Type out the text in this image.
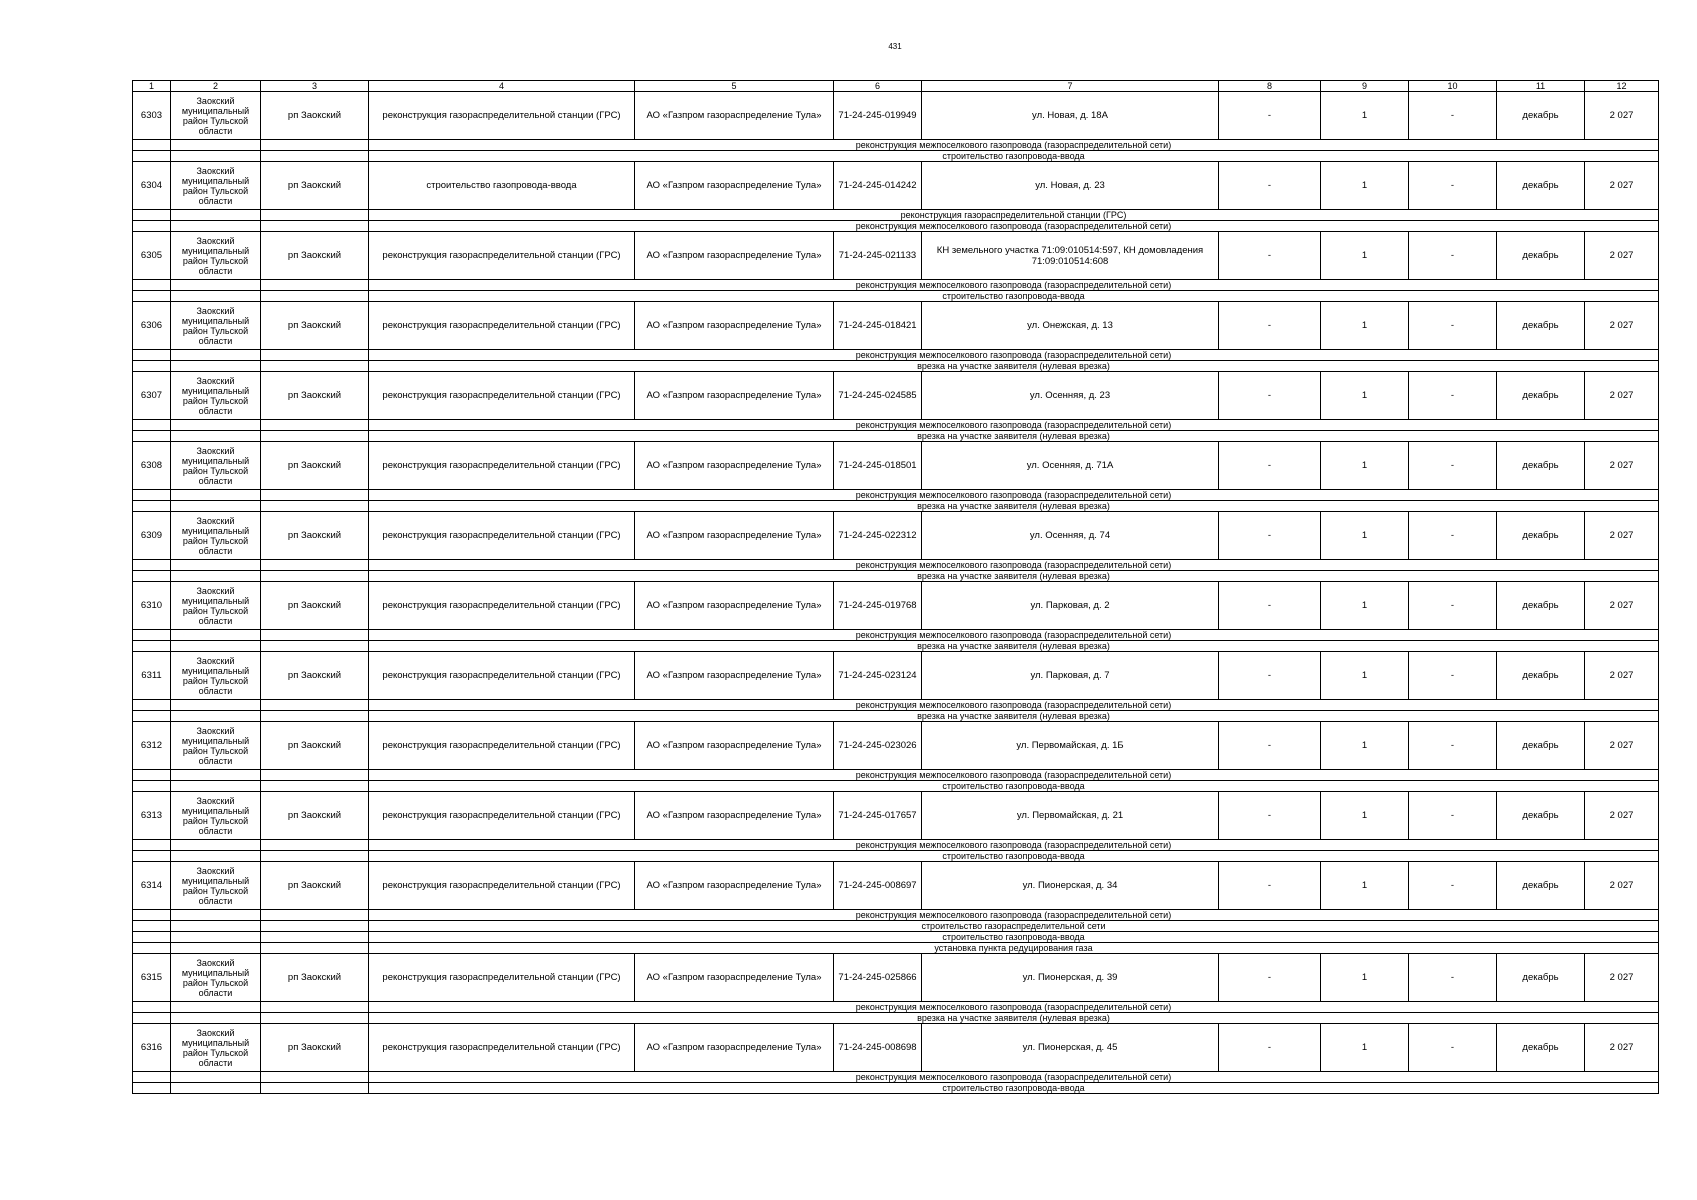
431
1	2	3	4	5	6	7	8	9	10	11	12
6303	Заокский муниципальный район Тульской области	рп Заокский	реконструкция газораспределительной станции (ГРС)	АО «Газпром газораспределение Тула»	71-24-245-019949	ул. Новая, д. 18А	-	1	-	декабрь	2 027
			реконструкция межпоселкового газопровода (газораспределительной сети)								
			строительство газопровода-ввода								
6304	Заокский муниципальный район Тульской области	рп Заокский	строительство газопровода-ввода	АО «Газпром газораспределение Тула»	71-24-245-014242	ул. Новая, д. 23	-	1	-	декабрь	2 027
			реконструкция газораспределительной станции (ГРС)								
			реконструкция межпоселкового газопровода (газораспределительной сети)								
6305	Заокский муниципальный район Тульской области	рп Заокский	реконструкция газораспределительной станции (ГРС)	АО «Газпром газораспределение Тула»	71-24-245-021133	КН земельного участка 71:09:010514:597, КН домовладения 71:09:010514:608	-	1	-	декабрь	2 027
			реконструкция межпоселкового газопровода (газораспределительной сети)								
			строительство газопровода-ввода								
6306	Заокский муниципальный район Тульской области	рп Заокский	реконструкция газораспределительной станции (ГРС)	АО «Газпром газораспределение Тула»	71-24-245-018421	ул. Онежская, д. 13	-	1	-	декабрь	2 027
			реконструкция межпоселкового газопровода (газораспределительной сети)								
			врезка на участке заявителя (нулевая врезка)								
6307	Заокский муниципальный район Тульской области	рп Заокский	реконструкция газораспределительной станции (ГРС)	АО «Газпром газораспределение Тула»	71-24-245-024585	ул. Осенняя, д. 23	-	1	-	декабрь	2 027
			реконструкция межпоселкового газопровода (газораспределительной сети)								
			врезка на участке заявителя (нулевая врезка)								
6308	Заокский муниципальный район Тульской области	рп Заокский	реконструкция газораспределительной станции (ГРС)	АО «Газпром газораспределение Тула»	71-24-245-018501	ул. Осенняя, д. 71А	-	1	-	декабрь	2 027
			реконструкция межпоселкового газопровода (газораспределительной сети)								
			врезка на участке заявителя (нулевая врезка)								
6309	Заокский муниципальный район Тульской области	рп Заокский	реконструкция газораспределительной станции (ГРС)	АО «Газпром газораспределение Тула»	71-24-245-022312	ул. Осенняя, д. 74	-	1	-	декабрь	2 027
			реконструкция межпоселкового газопровода (газораспределительной сети)								
			врезка на участке заявителя (нулевая врезка)								
6310	Заокский муниципальный район Тульской области	рп Заокский	реконструкция газораспределительной станции (ГРС)	АО «Газпром газораспределение Тула»	71-24-245-019768	ул. Парковая, д. 2	-	1	-	декабрь	2 027
			реконструкция межпоселкового газопровода (газораспределительной сети)								
			врезка на участке заявителя (нулевая врезка)								
6311	Заокский муниципальный район Тульской области	рп Заокский	реконструкция газораспределительной станции (ГРС)	АО «Газпром газораспределение Тула»	71-24-245-023124	ул. Парковая, д. 7	-	1	-	декабрь	2 027
			реконструкция межпоселкового газопровода (газораспределительной сети)								
			врезка на участке заявителя (нулевая врезка)								
6312	Заокский муниципальный район Тульской области	рп Заокский	реконструкция газораспределительной станции (ГРС)	АО «Газпром газораспределение Тула»	71-24-245-023026	ул. Первомайская, д. 1Б	-	1	-	декабрь	2 027
			реконструкция межпоселкового газопровода (газораспределительной сети)								
			строительство газопровода-ввода								
6313	Заокский муниципальный район Тульской области	рп Заокский	реконструкция газораспределительной станции (ГРС)	АО «Газпром газораспределение Тула»	71-24-245-017657	ул. Первомайская, д. 21	-	1	-	декабрь	2 027
			реконструкция межпоселкового газопровода (газораспределительной сети)								
			строительство газопровода-ввода								
6314	Заокский муниципальный район Тульской области	рп Заокский	реконструкция газораспределительной станции (ГРС)	АО «Газпром газораспределение Тула»	71-24-245-008697	ул. Пионерская, д. 34	-	1	-	декабрь	2 027
			реконструкция межпоселкового газопровода (газораспределительной сети)								
			строительство газораспределительной сети								
			строительство газопровода-ввода								
			установка пункта редуцирования газа								
6315	Заокский муниципальный район Тульской области	рп Заокский	реконструкция газораспределительной станции (ГРС)	АО «Газпром газораспределение Тула»	71-24-245-025866	ул. Пионерская, д. 39	-	1	-	декабрь	2 027
			реконструкция межпоселкового газопровода (газораспределительной сети)								
			врезка на участке заявителя (нулевая врезка)								
6316	Заокский муниципальный район Тульской области	рп Заокский	реконструкция газораспределительной станции (ГРС)	АО «Газпром газораспределение Тула»	71-24-245-008698	ул. Пионерская, д. 45	-	1	-	декабрь	2 027
			реконструкция межпоселкового газопровода (газораспределительной сети)								
			строительство газопровода-ввода								
